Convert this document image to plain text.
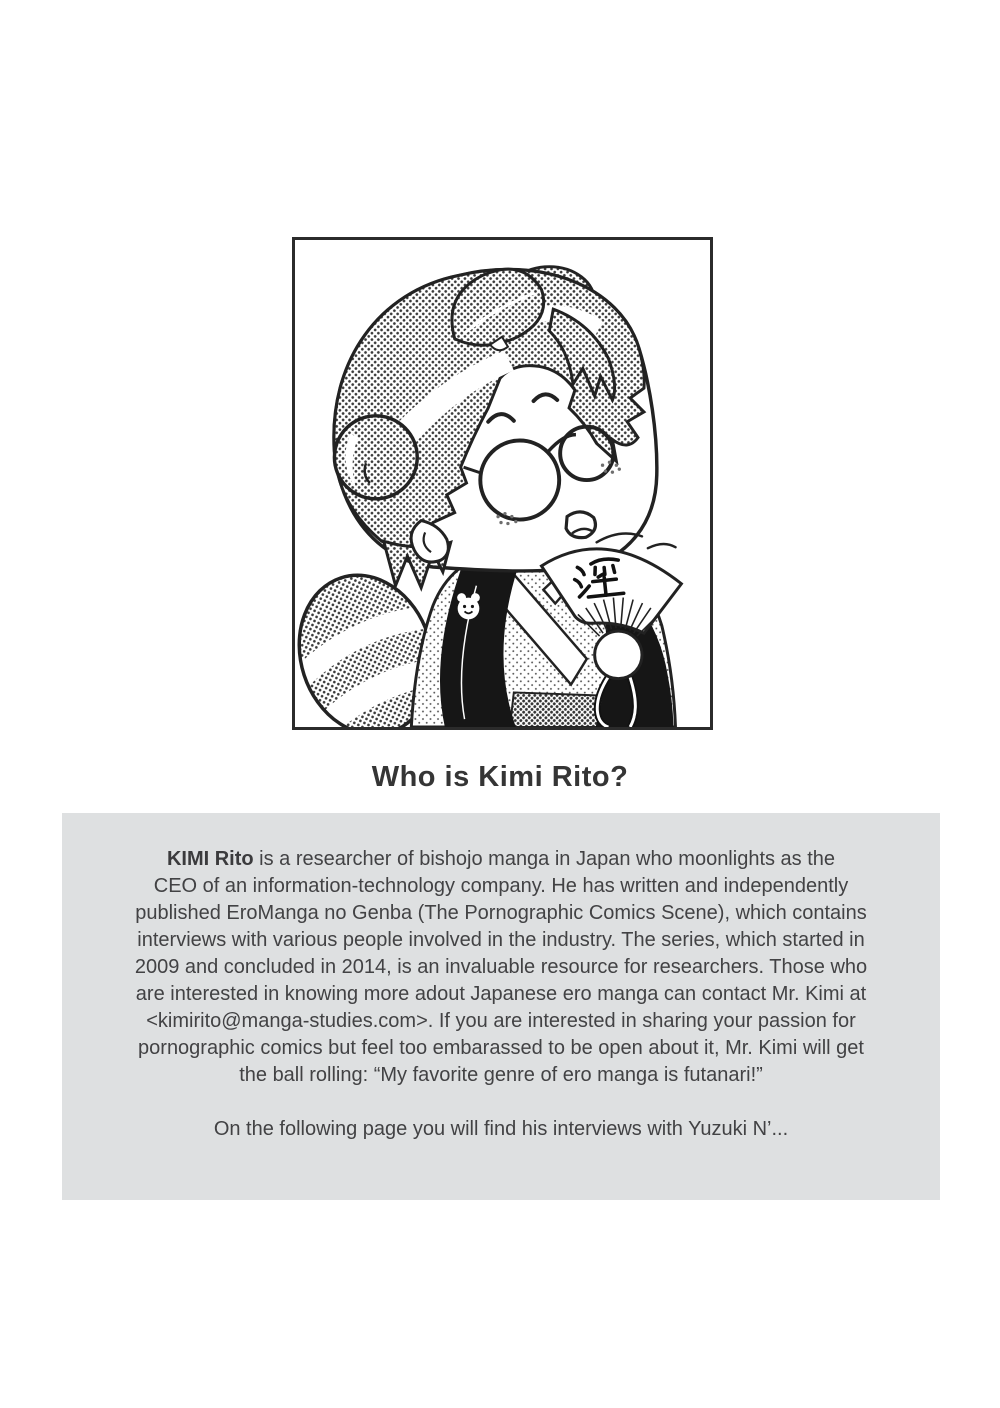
Who is Kimi Rito?
KIMI Rito is a researcher of bishojo manga in Japan who moonlights as the
CEO of an information-technology company. He has written and independently
published EroManga no Genba (The Pornographic Comics Scene), which contains
interviews with various people involved in the industry. The series, which started in
2009 and concluded in 2014, is an invaluable resource for researchers. Those who
are interested in knowing more adout Japanese ero manga can contact Mr. Kimi at
<kimirito@manga-studies.com>. If you are interested in sharing your passion for
pornographic comics but feel too embarassed to be open about it, Mr. Kimi will get
the ball rolling: “My favorite genre of ero manga is futanari!”
On the following page you will find his interviews with Yuzuki N’...
